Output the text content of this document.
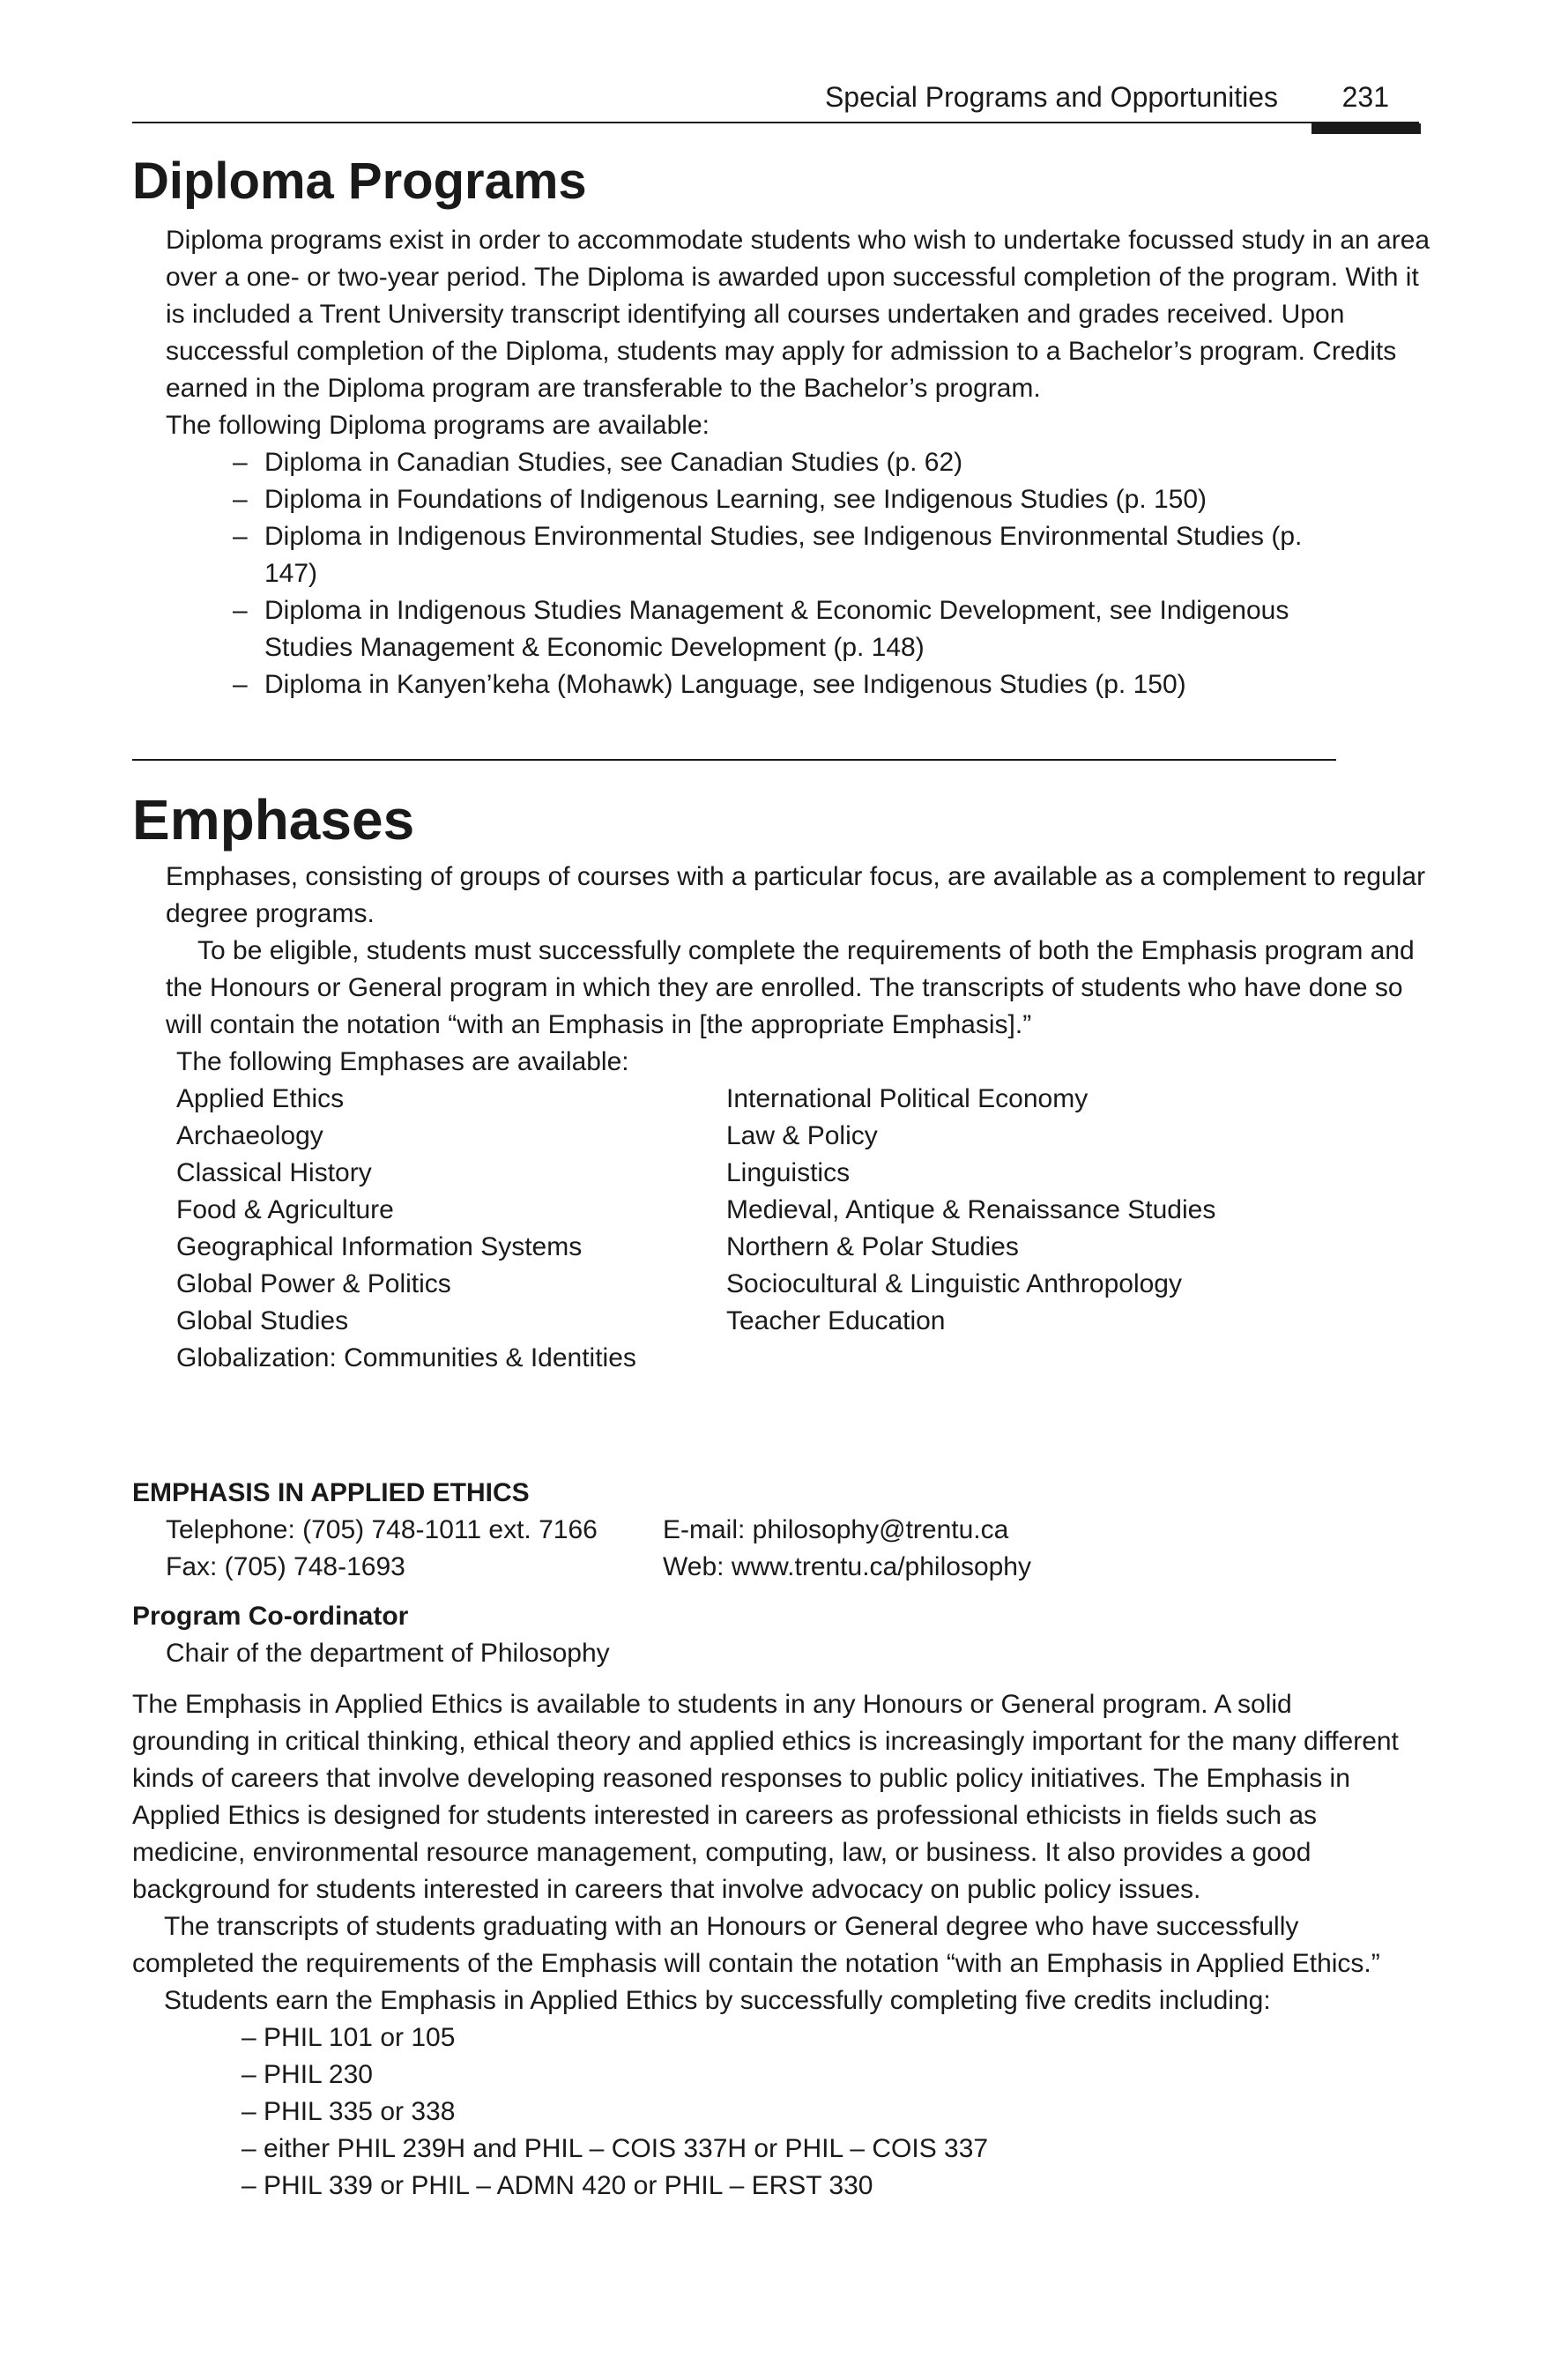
Special Programs and Opportunities 231
Diploma Programs

Diploma programs exist in order to accommodate students who wish to undertake focussed study in an area over a one- or two-year period. The Diploma is awarded upon successful completion of the program. With it is included a Trent University transcript identifying all courses undertaken and grades received. Upon successful completion of the Diploma, students may apply for admission to a Bachelor’s program. Credits earned in the Diploma program are transferable to the Bachelor’s program.

The following Diploma programs are available:

– Diploma in Canadian Studies, see Canadian Studies (p. 62)
– Diploma in Foundations of Indigenous Learning, see Indigenous Studies (p. 150)
– Diploma in Indigenous Environmental Studies, see Indigenous Environmental Studies (p. 147)
– Diploma in Indigenous Studies Management & Economic Development, see Indigenous Studies Management & Economic Development (p. 148)
– Diploma in Kanyen’keha (Mohawk) Language, see Indigenous Studies (p. 150)
Emphases

Emphases, consisting of groups of courses with a particular focus, are available as a complement to regular degree programs.

To be eligible, students must successfully complete the requirements of both the Emphasis program and the Honours or General program in which they are enrolled. The transcripts of students who have done so will contain the notation “with an Emphasis in [the appropriate Emphasis].”

The following Emphases are available:

Applied Ethics
Archaeology
Classical History
Food & Agriculture
Geographical Information Systems
Global Power & Politics
Global Studies
Globalization: Communities & Identities
International Political Economy
Law & Policy
Linguistics
Medieval, Antique & Renaissance Studies
Northern & Polar Studies
Sociocultural & Linguistic Anthropology
Teacher Education
EMPHASIS IN APPLIED ETHICS
Telephone: (705) 748-1011 ext. 7166	E-mail: philosophy@trentu.ca
Fax: (705) 748-1693	Web: www.trentu.ca/philosophy
Program Co-ordinator
Chair of the department of Philosophy

The Emphasis in Applied Ethics is available to students in any Honours or General program. A solid grounding in critical thinking, ethical theory and applied ethics is increasingly important for the many different kinds of careers that involve developing reasoned responses to public policy initiatives. The Emphasis in Applied Ethics is designed for students interested in careers as professional ethicists in fields such as medicine, environmental resource management, computing, law, or business. It also provides a good background for students interested in careers that involve advocacy on public policy issues.

The transcripts of students graduating with an Honours or General degree who have successfully completed the requirements of the Emphasis will contain the notation “with an Emphasis in Applied Ethics.”

Students earn the Emphasis in Applied Ethics by successfully completing five credits including:

– PHIL 101 or 105
– PHIL 230
– PHIL 335 or 338
– either PHIL 239H and PHIL – COIS 337H or PHIL – COIS 337
– PHIL 339 or PHIL – ADMN 420 or PHIL – ERST 330
